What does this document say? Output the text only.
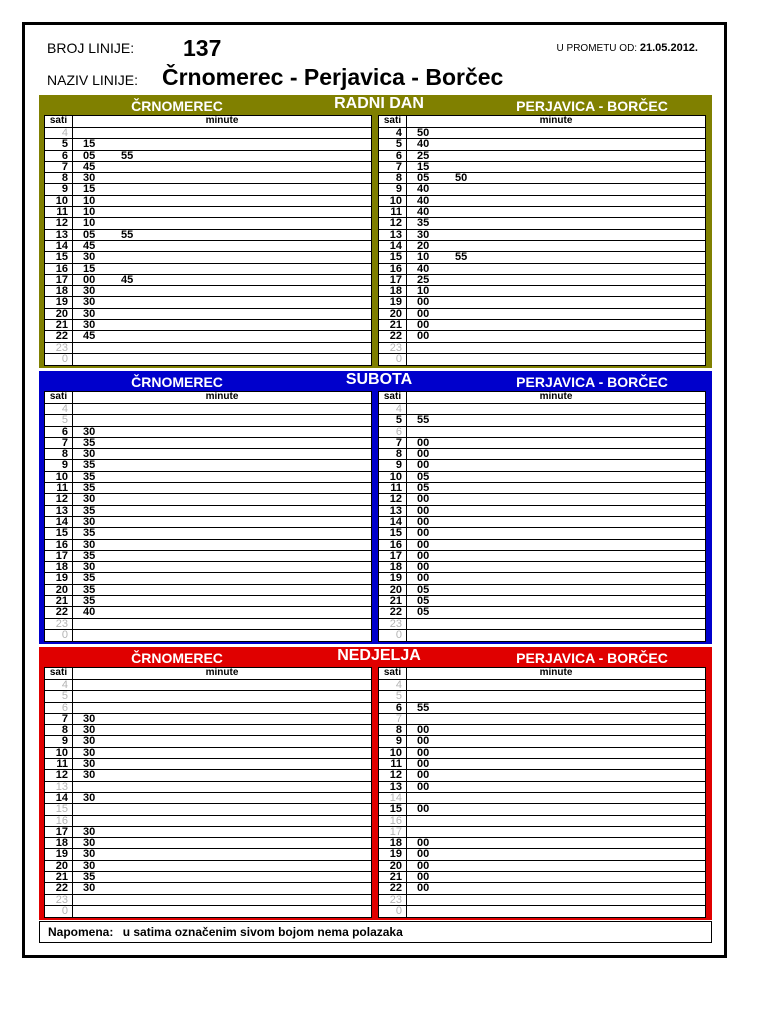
BROJ LINIJE: 137	U PROMETU OD: 21.05.2012.
NAZIV LINIJE: Črnomerec - Perjavica - Borčec
ČRNOMEREC	RADNI DAN	PERJAVICA - BORČEC
sati	minute
4
5	15
6	05 55
7	45
8	30
9	15
10	10
11	10
12	10
13	05 55
14	45
15	30
16	15
17	00 45
18	30
19	30
20	30
21	30
22	45
23
0
sati	minute
4	50
5	40
6	25
7	15
8	05 50
9	40
10	40
11	40
12	35
13	30
14	20
15	10 55
16	40
17	25
18	10
19	00
20	00
21	00
22	00
23
0
ČRNOMEREC	SUBOTA	PERJAVICA - BORČEC
sati	minute
4
5
6	30
7	35
8	30
9	35
10	35
11	35
12	30
13	35
14	30
15	35
16	30
17	35
18	30
19	35
20	35
21	35
22	40
23
0
sati	minute
4
5	55
6
7	00
8	00
9	00
10	05
11	05
12	00
13	00
14	00
15	00
16	00
17	00
18	00
19	00
20	05
21	05
22	05
23
0
ČRNOMEREC	NEDJELJA	PERJAVICA - BORČEC
sati	minute
4
5
6
7	30
8	30
9	30
10	30
11	30
12	30
13
14	30
15
16
17	30
18	30
19	30
20	30
21	35
22	30
23
0
sati	minute
4
5
6	55
7
8	00
9	00
10	00
11	00
12	00
13	00
14
15	00
16
17
18	00
19	00
20	00
21	00
22	00
23
0
Napomena: u satima označenim sivom bojom nema polazaka
